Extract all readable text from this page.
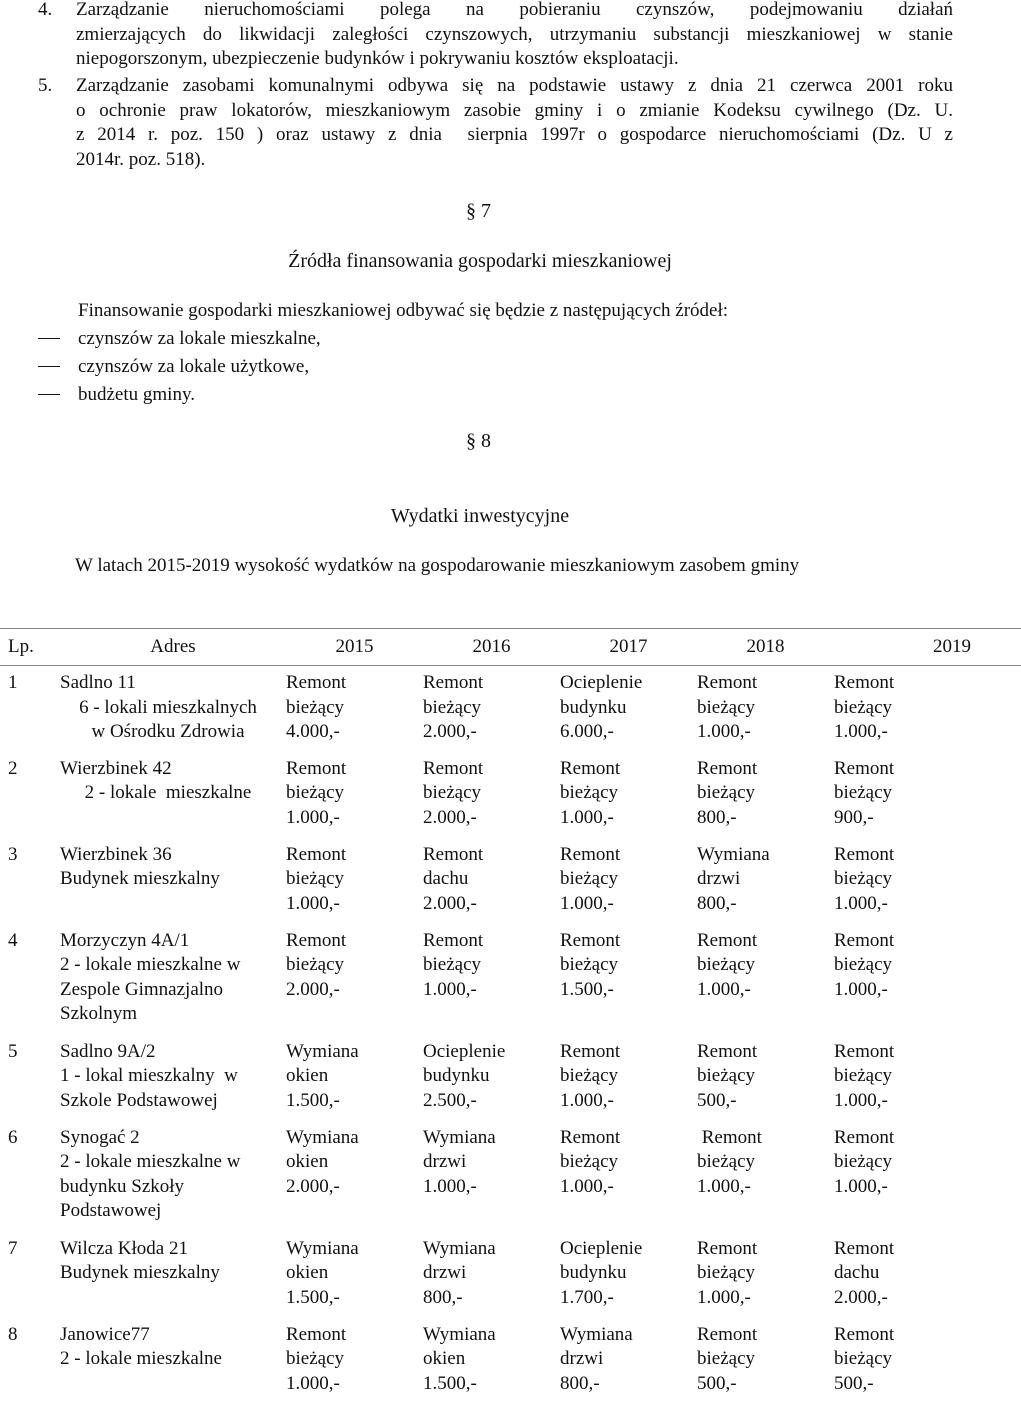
4.	Zarządzanie nieruchomościami polega na pobieraniu czynszów, podejmowaniu działań
zmierzających do likwidacji zaległości czynszowych, utrzymaniu substancji mieszkaniowej w stanie
niepogorszonym, ubezpieczenie budynków i pokrywaniu kosztów eksploatacji.
5.	Zarządzanie zasobami komunalnymi odbywa się na podstawie ustawy z dnia 21 czerwca 2001 roku
o ochronie praw lokatorów, mieszkaniowym zasobie gminy i o zmianie Kodeksu cywilnego (Dz. U.
z 2014 r. poz. 150 ) oraz ustawy z dnia  sierpnia 1997r o gospodarce nieruchomościami (Dz. U z
2014r. poz. 518).
§ 7
Źródła finansowania gospodarki mieszkaniowej
Finansowanie gospodarki mieszkaniowej odbywać się będzie z następujących źródeł:
czynszów za lokale mieszkalne,
czynszów za lokale użytkowe,
budżetu gminy.
§ 8
Wydatki inwestycyjne
W latach 2015-2019 wysokość wydatków na gospodarowanie mieszkaniowym zasobem gminy
Lp.	Adres	2015	2016	2017	2018	2019
1	Sadlno 11
6 - lokali mieszkalnych
w Ośrodku Zdrowia	Remont
bieżący
4.000,-	Remont
bieżący
2.000,-	Ocieplenie
budynku
6.000,-	Remont
bieżący
1.000,-	Remont
bieżący
1.000,-

2	Wierzbinek 42
2 - lokale  mieszkalne	Remont
bieżący
1.000,-	Remont
bieżący
2.000,-	Remont
bieżący
1.000,-	Remont
bieżący
800,-	Remont
bieżący
900,-

3	Wierzbinek 36
Budynek mieszkalny	Remont
bieżący
1.000,-	Remont
dachu
2.000,-	Remont
bieżący
1.000,-	Wymiana
drzwi
800,-	Remont
bieżący
1.000,-

4	Morzyczyn 4A/1
2 - lokale mieszkalne w
Zespole Gimnazjalno
Szkolnym	Remont
bieżący
2.000,-	Remont
bieżący
1.000,-	Remont
bieżący
1.500,-	Remont
bieżący
1.000,-	Remont
bieżący
1.000,-

5	Sadlno 9A/2
1 - lokal mieszkalny  w
Szkole Podstawowej	Wymiana
okien
1.500,-	Ocieplenie
budynku
2.500,-	Remont
bieżący
1.000,-	Remont
bieżący
500,-	Remont
bieżący
1.000,-

6	Synogać 2
2 - lokale mieszkalne w
budynku Szkoły
Podstawowej	Wymiana
okien
2.000,-	Wymiana
drzwi
1.000,-	Remont
bieżący
1.000,-	Remont
bieżący
1.000,-	Remont
bieżący
1.000,-

7	Wilcza Kłoda 21
Budynek mieszkalny	Wymiana
okien
1.500,-	Wymiana
drzwi
800,-	Ocieplenie
budynku
1.700,-	Remont
bieżący
1.000,-	Remont
dachu
2.000,-

8	Janowice77
2 - lokale mieszkalne	Remont
bieżący
1.000,-	Wymiana
okien
1.500,-	Wymiana
drzwi
800,-	Remont
bieżący
500,-	Remont
bieżący
500,-
